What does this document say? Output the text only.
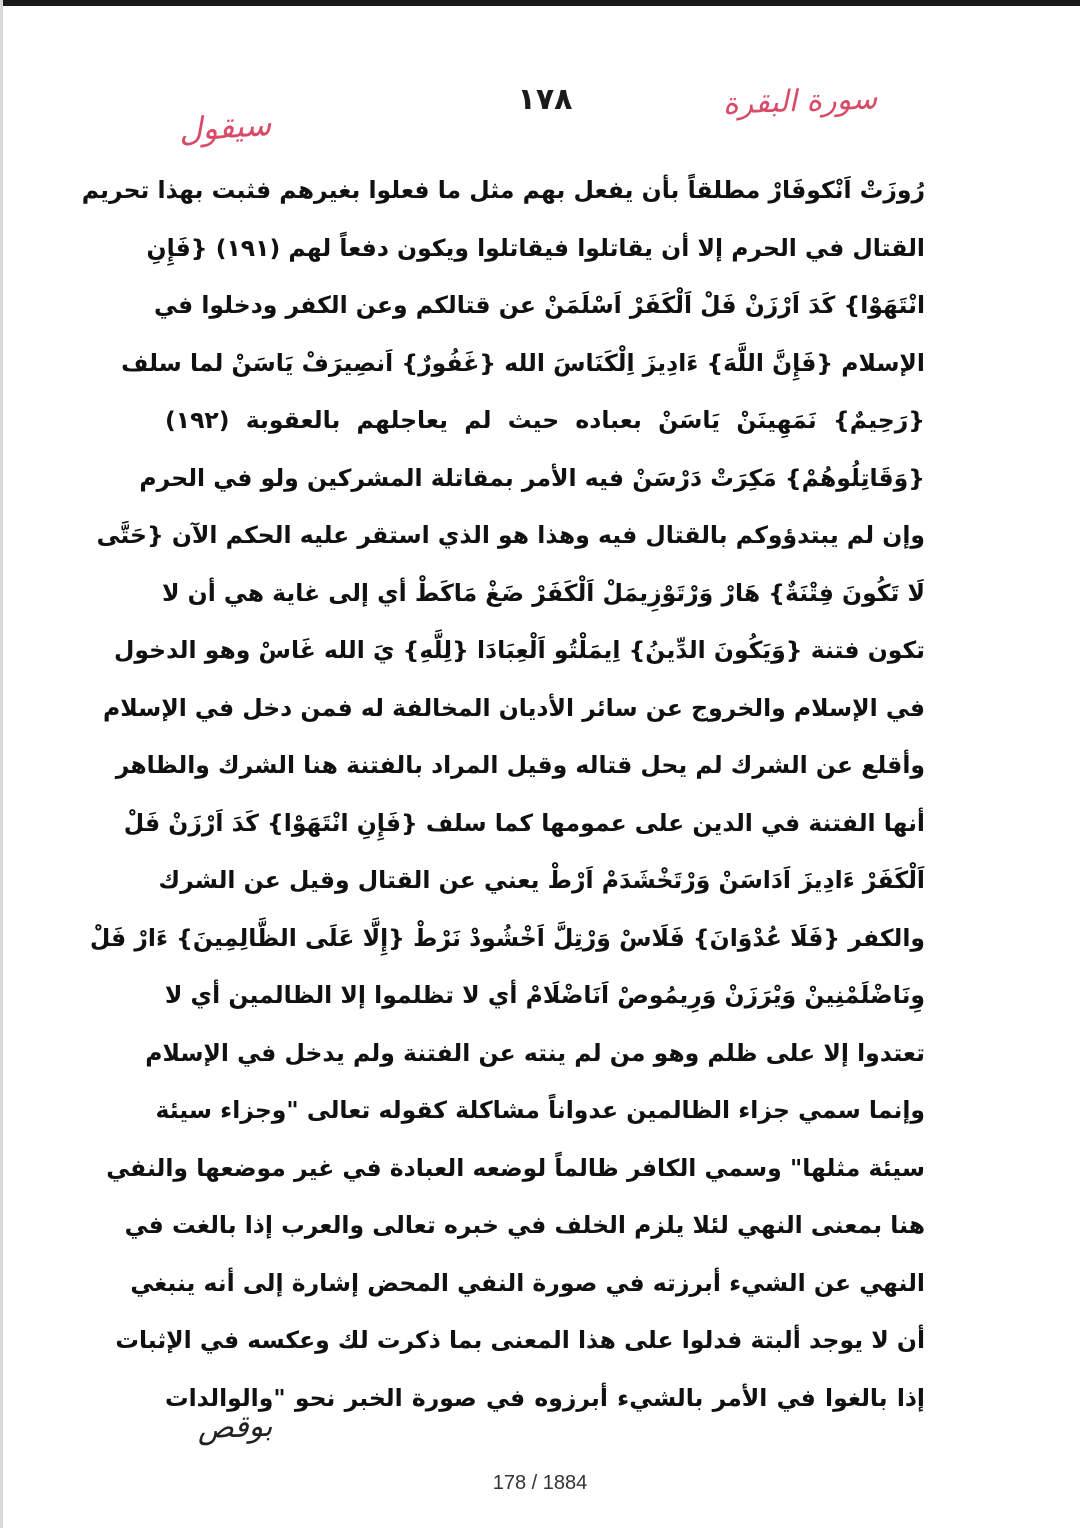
١٧٨	سورة البقرة
سيقول
رُوزَتْ اَنْكوفَارْ مطلقاً بأن يفعل بهم مثل ما فعلوا بغيرهم فثبت بهذا تحريم
القتال في الحرم إلا أن يقاتلوا فيقاتلوا ويكون دفعاً لهم (١٩١) {فَإِنِ
انْتَهَوْا} كَدَ اَرْزَنْ فَلْ اَلْكَفَرْ اَسْلَمَنْ عن قتالكم وعن الكفر ودخلوا في
الإسلام {فَإِنَّ اللَّهَ} ءَادِيزَ اِلْكَنَاسَ الله {غَفُورٌ} اَنصِيرَفْ يَاسَنْ لما سلف
{رَحِيمٌ} نَمَهِينَنْ يَاسَنْ بعباده حيث لم يعاجلهم بالعقوبة (١٩٢)
{وَقَاتِلُوهُمْ} مَكِرَتْ دَرْسَنْ فيه الأمر بمقاتلة المشركين ولو في الحرم
وإن لم يبتدؤوكم بالقتال فيه وهذا هو الذي استقر عليه الحكم الآن {حَتَّى
لَا تَكُونَ فِتْنَةٌ} هَارْ وَرْتَوْزِيمَلْ اَلْكَفَرْ ضَغْ مَاكَطْ أي إلى غاية هي أن لا
تكون فتنة {وَيَكُونَ الدِّينُ} اِيمَلْتُو اَلْعِبَادَا {لِلَّهِ} يَ الله غَاسْ وهو الدخول
في الإسلام والخروج عن سائر الأديان المخالفة له فمن دخل في الإسلام
وأقلع عن الشرك لم يحل قتاله وقيل المراد بالفتنة هنا الشرك والظاهر
أنها الفتنة في الدين على عمومها كما سلف {فَإِنِ انْتَهَوْا} كَدَ اَرْزَنْ فَلْ
اَلْكَفَرْ ءَادِيزَ اَدَاسَنْ وَرْتَخْشَدَمْ اَرْطْ يعني عن القتال وقيل عن الشرك
والكفر {فَلَا عُدْوَانَ} فَلَاسْ وَرْتِلَّ اَخْشُودْ نَرْطْ {إِلَّا عَلَى الظَّالِمِينَ} ءَارْ فَلْ
وِنَاضْلَمْنِينْ وَيْرَزَنْ وَرِيمُوصْ اَنَاضْلَامْ أي لا تظلموا إلا الظالمين أي لا
تعتدوا إلا على ظلم وهو من لم ينته عن الفتنة ولم يدخل في الإسلام
وإنما سمي جزاء الظالمين عدواناً مشاكلة كقوله تعالى "وجزاء سيئة
سيئة مثلها" وسمي الكافر ظالماً لوضعه العبادة في غير موضعها والنفي
هنا بمعنى النهي لئلا يلزم الخلف في خبره تعالى والعرب إذا بالغت في
النهي عن الشيء أبرزته في صورة النفي المحض إشارة إلى أنه ينبغي
أن لا يوجد ألبتة فدلوا على هذا المعنى بما ذكرت لك وعكسه في الإثبات
إذا بالغوا في الأمر بالشيء أبرزوه في صورة الخبر نحو "والوالدات
بوقص
178 / 1884
